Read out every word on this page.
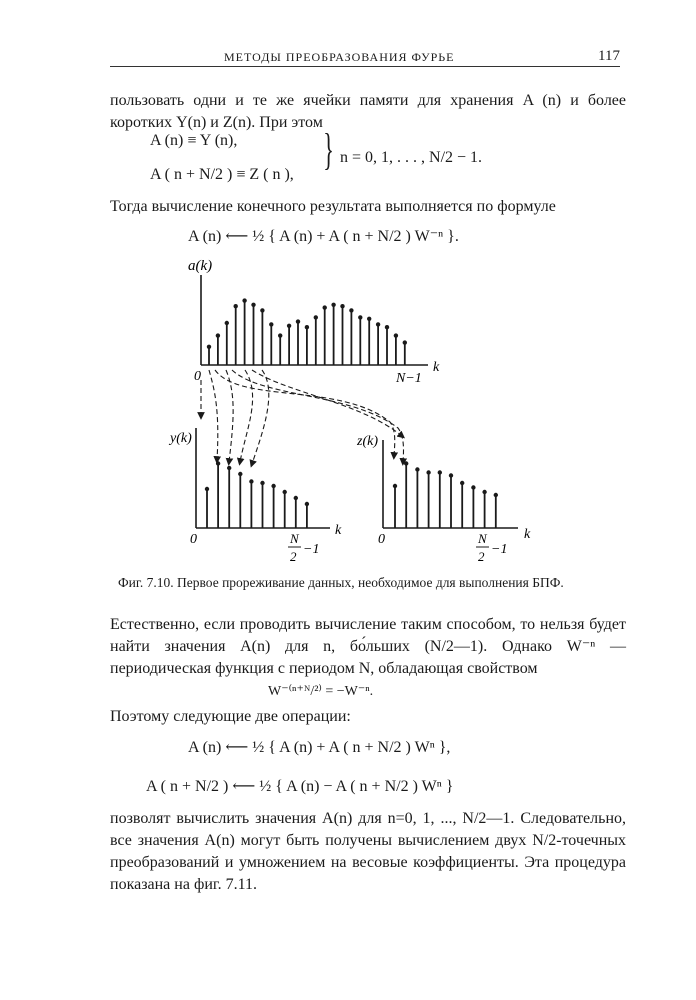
МЕТОДЫ ПРЕОБРАЗОВАНИЯ ФУРЬЕ	117
пользовать одни и те же ячейки памяти для хранения A (n) и более коротких Y(n) и Z(n). При этом
A (n) ≡ Y (n),
A ( n + N/2 ) ≡ Z ( n ),
} n = 0, 1, . . . , N/2 − 1.
Тогда вычисление конечного результата выполняется по формуле
A (n) ⟵ ½ { A (n) + A ( n + N/2 ) W⁻ⁿ }.
a(k)
k
0	N−1
y(k)
k
0	N
2 −1
z(k)
k
0	N
2 −1
Фиг. 7.10. Первое прореживание данных, необходимое для выполнения БПФ.
Естественно, если проводить вычисление таким способом, то нельзя будет найти значения A(n) для n, бо́льших (N/2—1). Однако W⁻ⁿ — периодическая функция с периодом N, обладающая свойством
W⁻⁽ⁿ⁺ᴺ/²⁾ = −W⁻ⁿ.
Поэтому следующие две операции:
A (n) ⟵ ½ { A (n) + A ( n + N/2 ) Wⁿ },
A ( n + N/2 ) ⟵ ½ { A (n) − A ( n + N/2 ) Wⁿ }
позволят вычислить значения A(n) для n=0, 1, ..., N/2—1. Следовательно, все значения A(n) могут быть получены вычислением двух N/2-точечных преобразований и умножением на весовые коэффициенты. Эта процедура показана на фиг. 7.11.
